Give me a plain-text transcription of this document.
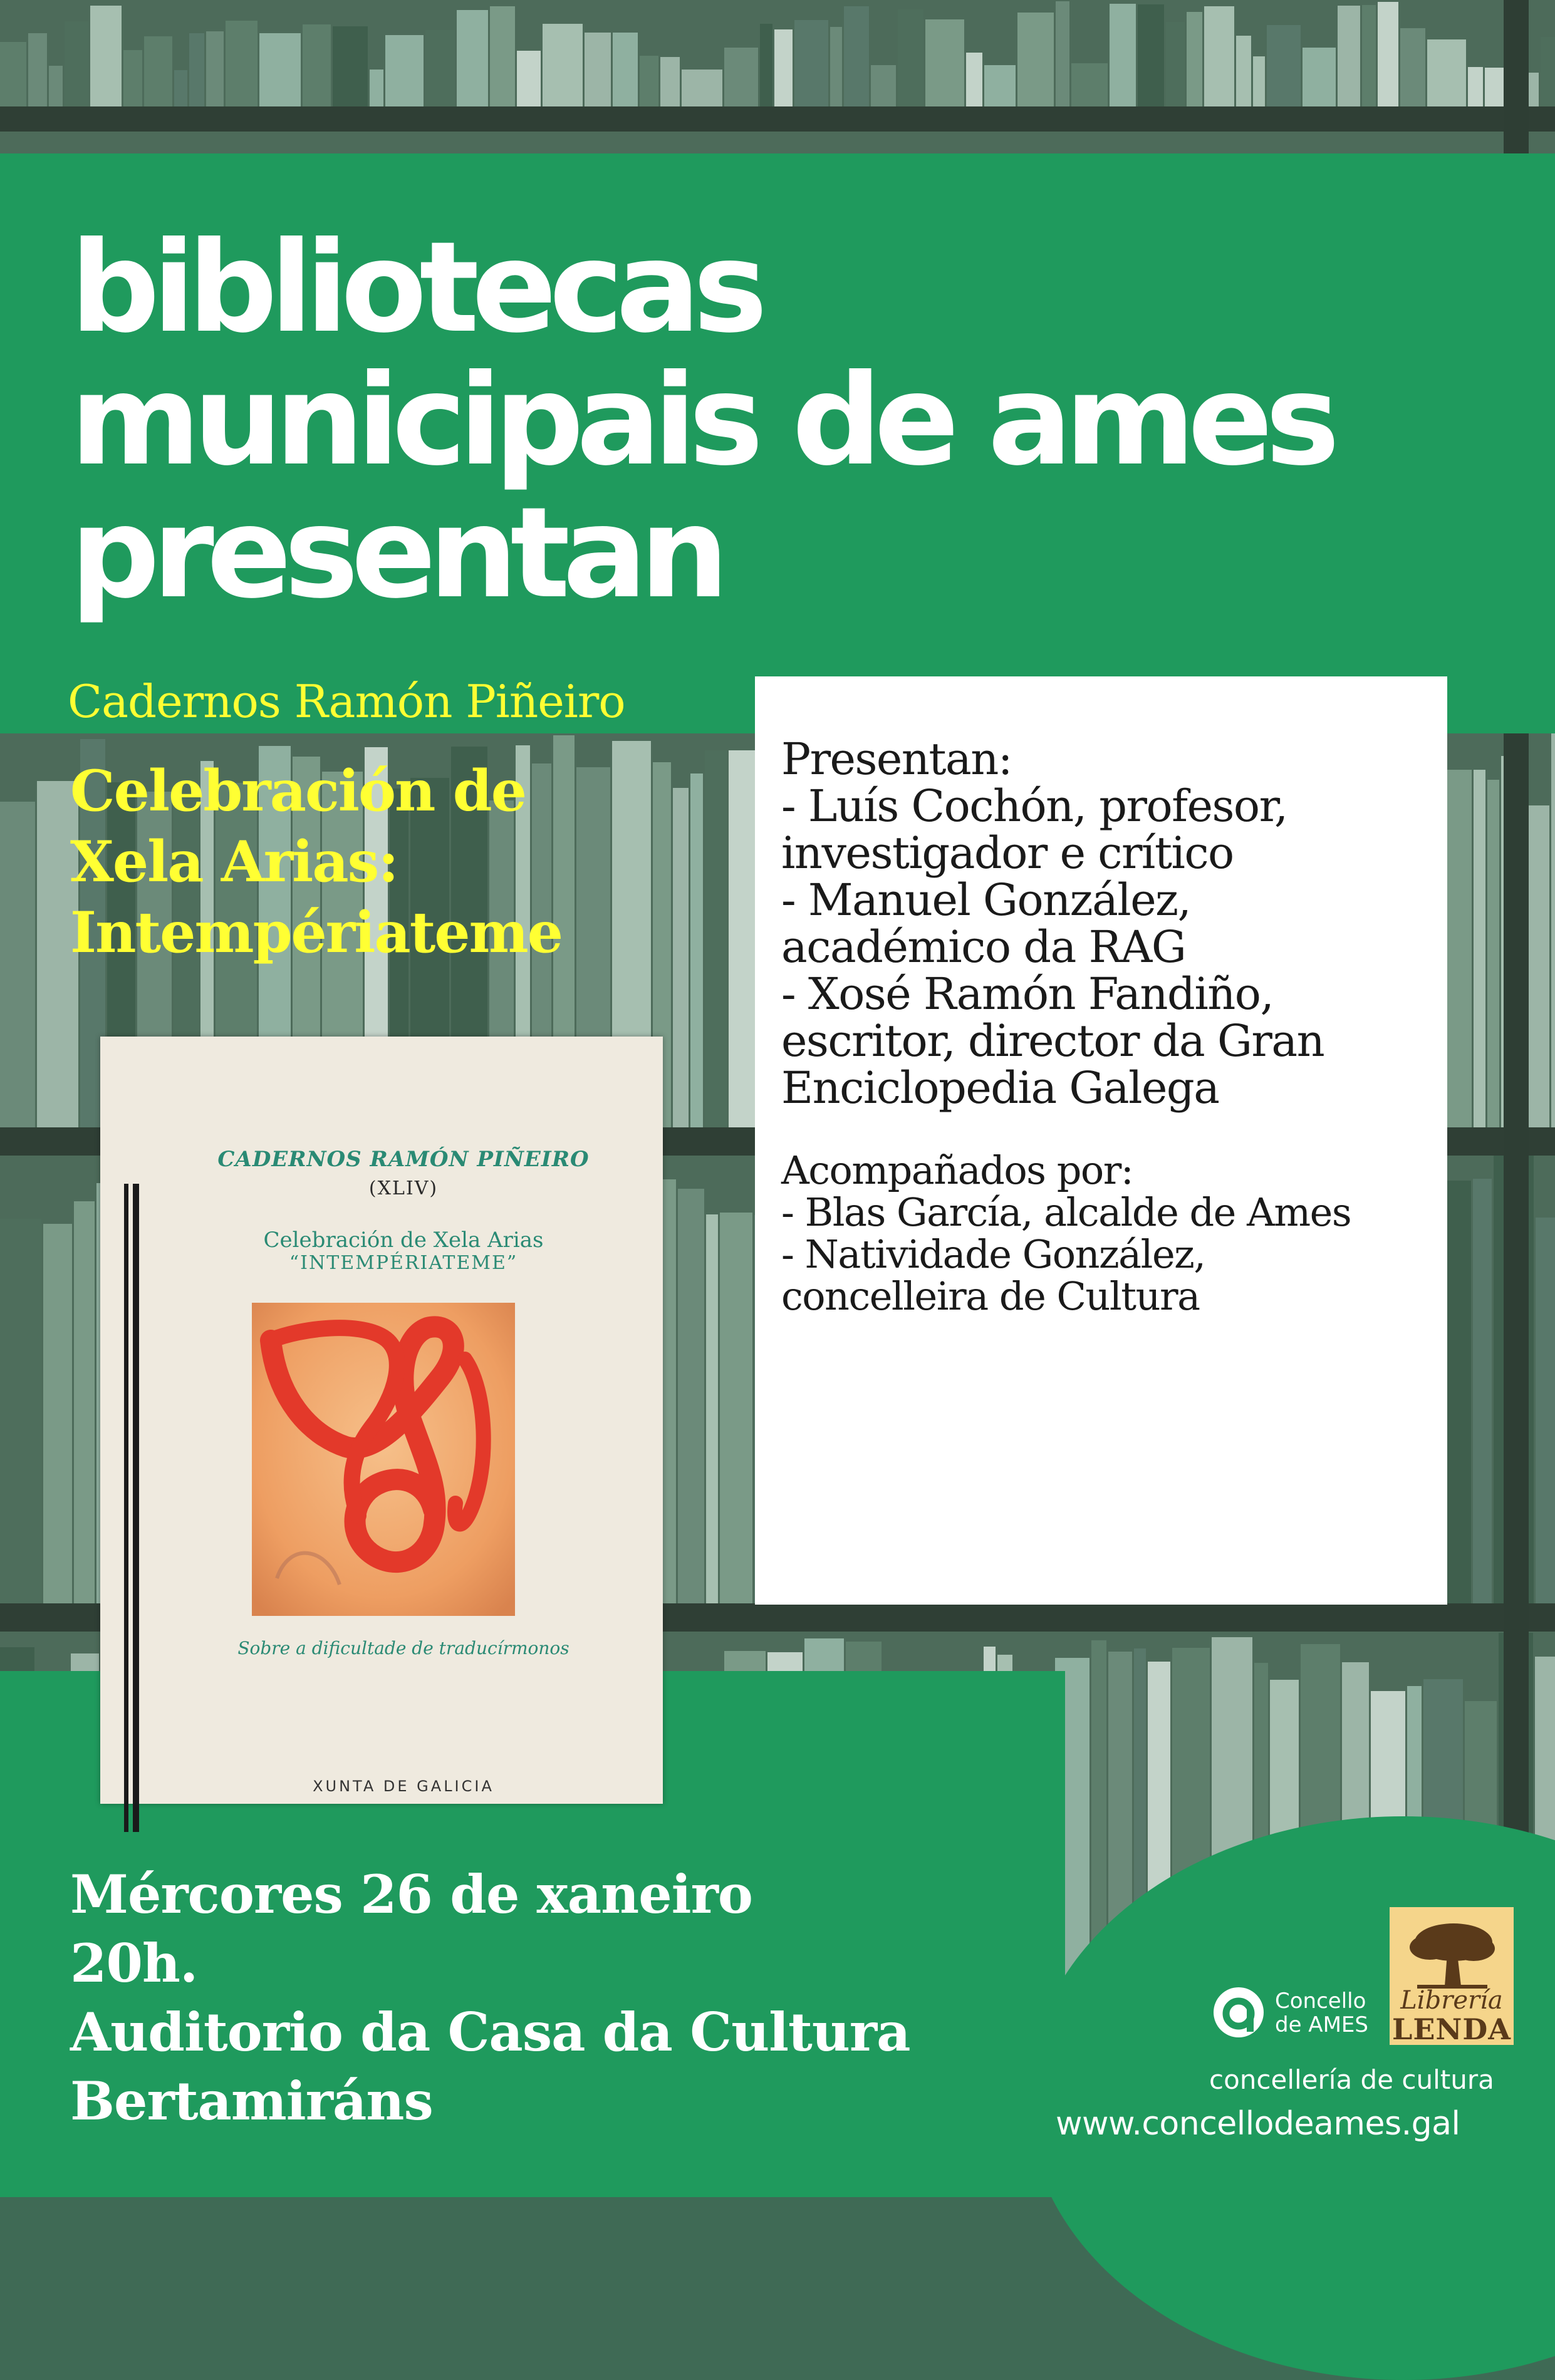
bibliotecas
municipais de ames
presentan
Cadernos Ramón Piñeiro
Celebración de
Xela Arias:
Intempériateme
Presentan:
- Luís Cochón, profesor,
investigador e crítico
- Manuel González,
académico da RAG
- Xosé Ramón Fandiño,
escritor, director da Gran
Enciclopedia Galega
Acompañados por:
- Blas García, alcalde de Ames
- Natividade González,
concelleira de Cultura
CADERNOS RAMÓN PIÑEIRO
(XLIV)
Celebración de Xela Arias
“INTEMPÉRIATEME”
Sobre a dificultade de traducírmonos
XUNTA DE GALICIA
Mércores 26 de xaneiro
20h.
Auditorio da Casa da Cultura
Bertamiráns
Concello
de AMES
Librería
LENDA
concellería de cultura
www.concellodeames.gal
